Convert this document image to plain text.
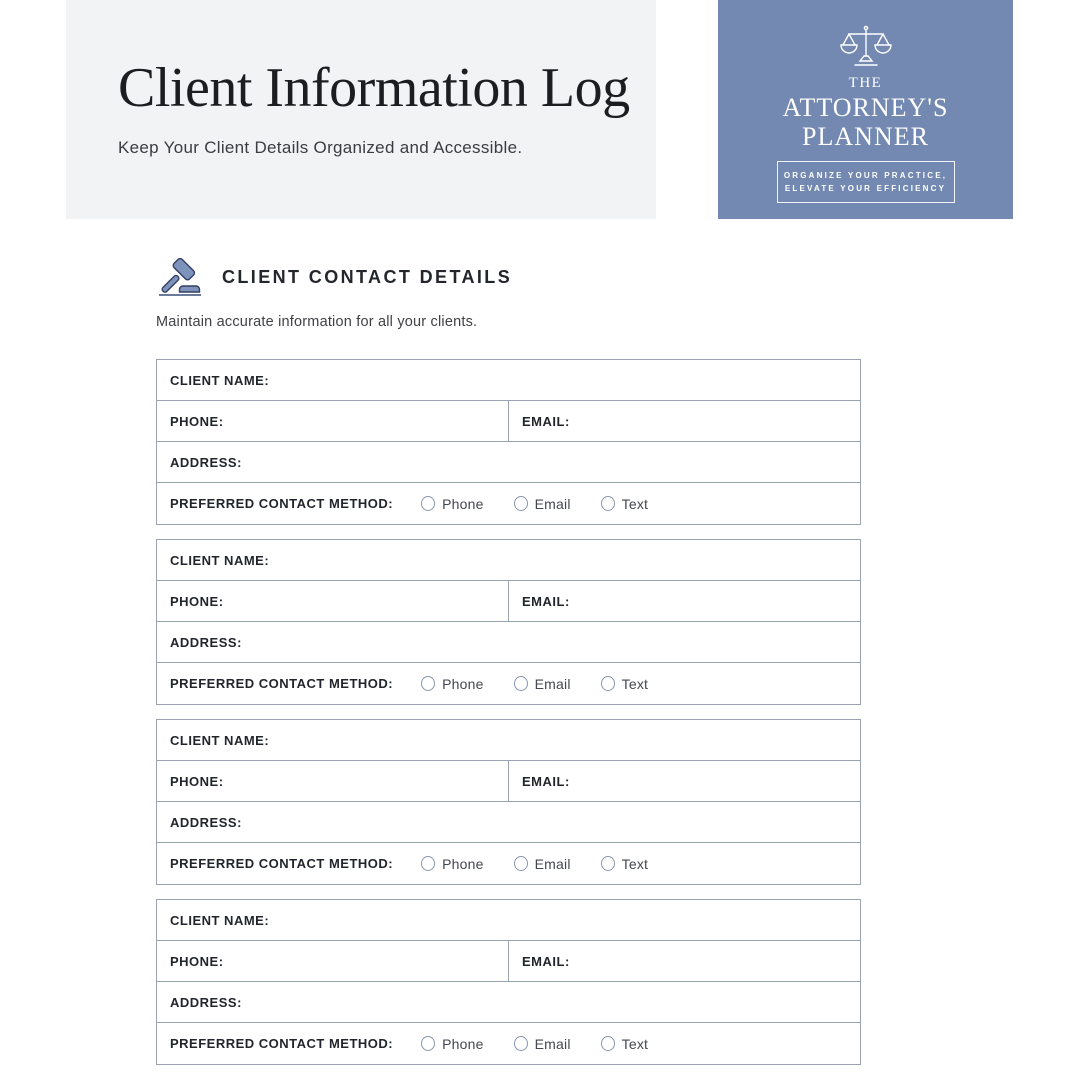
Client Information Log
Keep Your Client Details Organized and Accessible.
THE
ATTORNEY'S
PLANNER
ORGANIZE YOUR PRACTICE,
ELEVATE YOUR EFFICIENCY
CLIENT CONTACT DETAILS
Maintain accurate information for all your clients.
CLIENT NAME:
PHONE:	EMAIL:
ADDRESS:
PREFERRED CONTACT METHOD:	Phone	Email	Text
CLIENT NAME:
PHONE:	EMAIL:
ADDRESS:
PREFERRED CONTACT METHOD:	Phone	Email	Text
CLIENT NAME:
PHONE:	EMAIL:
ADDRESS:
PREFERRED CONTACT METHOD:	Phone	Email	Text
CLIENT NAME:
PHONE:	EMAIL:
ADDRESS:
PREFERRED CONTACT METHOD:	Phone	Email	Text
